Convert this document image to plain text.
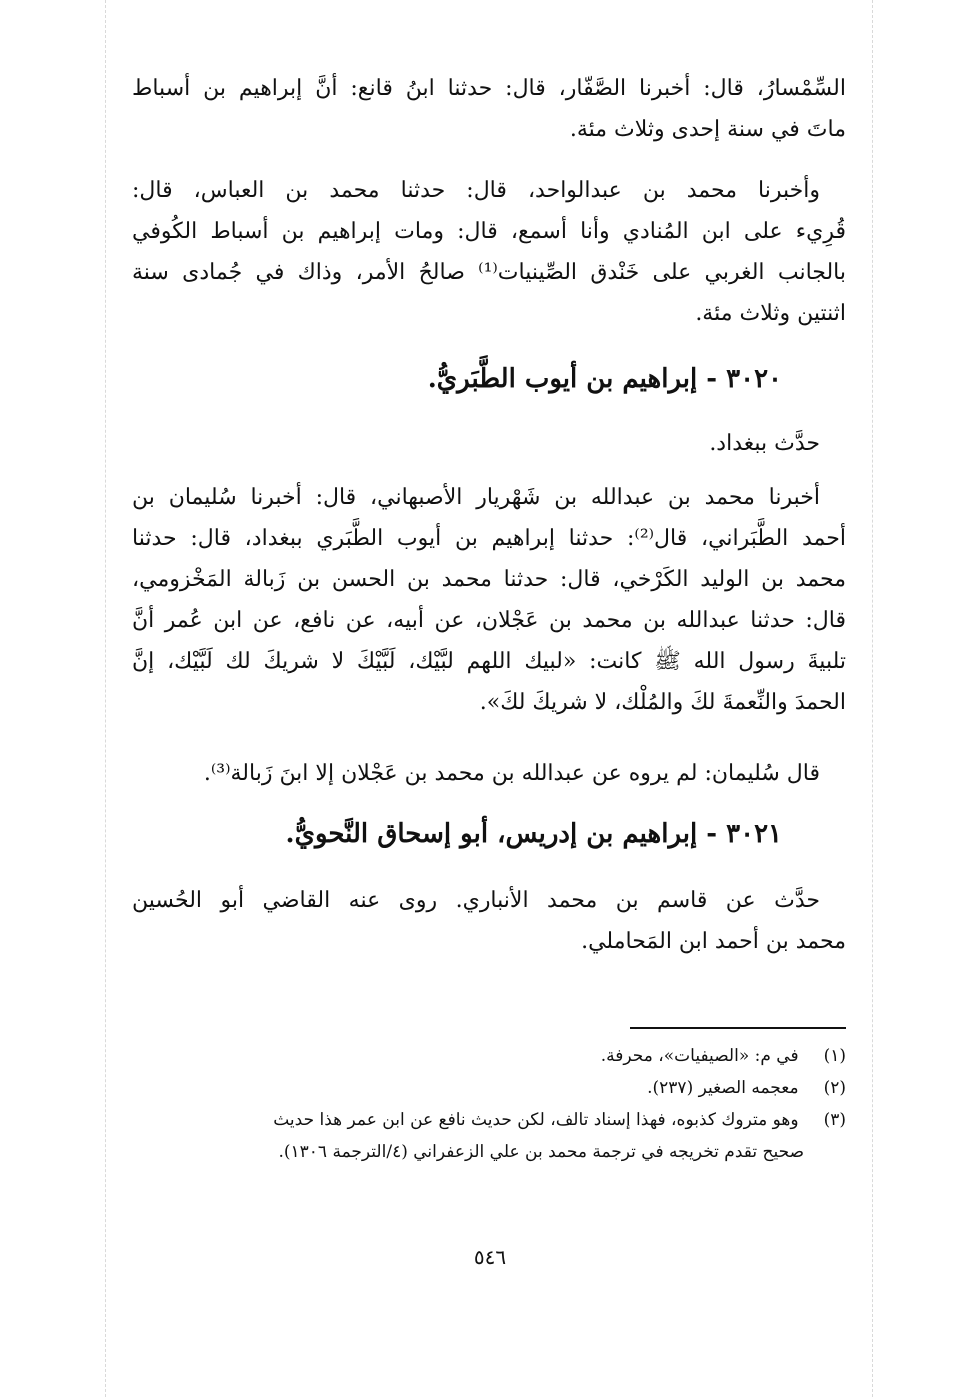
السِّمْسارُ، قال: أخبرنا الصَّفّار، قال: حدثنا ابنُ قانع: أنَّ إبراهيم بن أسباط
ماتَ في سنة إحدى وثلاث مئة.
وأخبرنا محمد بن عبدالواحد، قال: حدثنا محمد بن العباس، قال:
قُرِيء على ابن المُنادي وأنا أسمع، قال: ومات إبراهيم بن أسباط الكُوفي
بالجانب الغربي على خَنْدق الصِّينيات⁽¹⁾ صالحُ الأمر، وذاك في جُمادى سنة
اثنتين وثلاث مئة.
٣٠٢٠ - إبراهيم بن أيوب الطَّبَريُّ.
حدَّث ببغداد.
أخبرنا محمد بن عبدالله بن شَهْريار الأصبهاني، قال: أخبرنا سُليمان بن
أحمد الطَّبَراني، قال⁽²⁾: حدثنا إبراهيم بن أيوب الطَّبَري ببغداد، قال: حدثنا
محمد بن الوليد الكَرْخي، قال: حدثنا محمد بن الحسن بن زَبالة المَخْزومي،
قال: حدثنا عبدالله بن محمد بن عَجْلان، عن أبيه، عن نافع، عن ابن عُمر أنَّ
تلبيةَ رسول الله ﷺ كانت: «لبيك اللهم لبَّيْك، لَبَّيْكَ لا شريكَ لك لَبَّيْك، إنَّ
الحمدَ والنِّعمةَ لكَ والمُلْك، لا شريكَ لكَ».
قال سُليمان: لم يروه عن عبدالله بن محمد بن عَجْلان إلا ابنَ زَبالة⁽³⁾.
٣٠٢١ - إبراهيم بن إدريس، أبو إسحاق النَّحويُّ.
حدَّث عن قاسم بن محمد الأنباري. روى عنه القاضي أبو الحُسين
محمد بن أحمد ابن المَحاملي.
(١) في م: «الصيفيات»، محرفة.
(٢) معجمه الصغير (٢٣٧).
(٣) وهو متروك كذبوه، فهذا إسناد تالف، لكن حديث نافع عن ابن عمر هذا حديث
صحيح تقدم تخريجه في ترجمة محمد بن علي الزعفراني (٤/الترجمة ١٣٠٦).
٥٤٦
